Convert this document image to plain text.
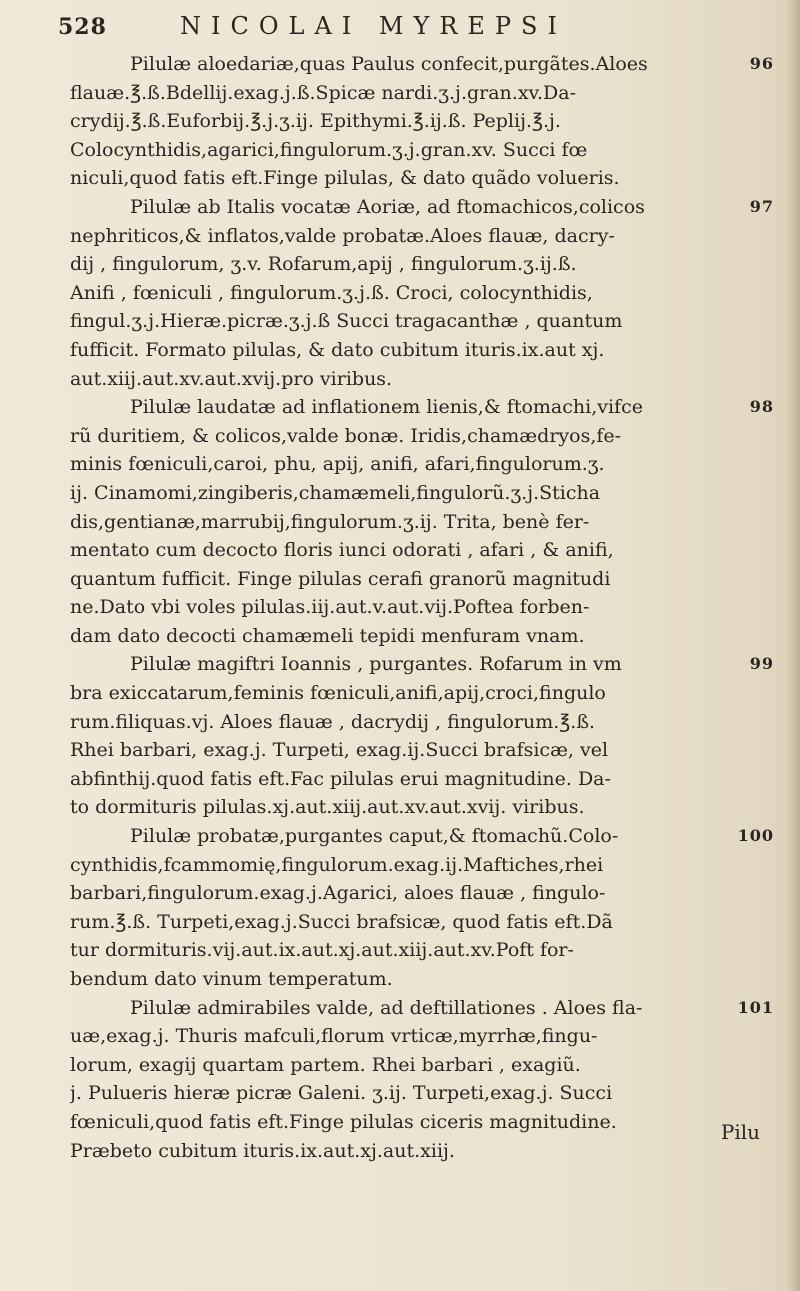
528	NICOLAI MYREPSI

96
Pilulæ aloedariæ,quas Paulus confecit,purgãtes.Aloes
flauæ.℥.ß.Bdellij.exag.j.ß.Spicæ nardi.ʒ.j.gran.xv.Da-
crydij.℥.ß.Euforbij.℥.j.ʒ.ij. Epithymi.℥.ij.ß. Peplij.℥.j.
Colocynthidis,agarici,fingulorum.ʒ.j.gran.xv. Succi fœ
niculi,quod fatis eft.Finge pilulas, & dato quãdo volueris.

97
Pilulæ ab Italis vocatæ Aoriæ, ad ftomachicos,colicos
nephriticos,& inflatos,valde probatæ.Aloes flauæ, dacry-
dij , fingulorum, ʒ.v. Rofarum,apij , fingulorum.ʒ.ij.ß.
Anifi , fœniculi , fingulorum.ʒ.j.ß. Croci, colocynthidis,
fingul.ʒ.j.Hieræ.picræ.ʒ.j.ß Succi tragacanthæ , quantum
fufficit. Formato pilulas, & dato cubitum ituris.ix.aut xj.
aut.xiij.aut.xv.aut.xvij.pro viribus.

98
Pilulæ laudatæ ad inflationem lienis,& ftomachi,vifce
rũ duritiem, & colicos,valde bonæ. Iridis,chamædryos,fe-
minis fœniculi,caroi, phu, apij, anifi, afari,fingulorum.ʒ.
ij. Cinamomi,zingiberis,chamæmeli,fingulorũ.ʒ.j.Sticha
dis,gentianæ,marrubij,fingulorum.ʒ.ij. Trita, benè fer-
mentato cum decocto floris iunci odorati , afari , & anifi,
quantum fufficit. Finge pilulas cerafi granorũ magnitudi
ne.Dato vbi voles pilulas.iij.aut.v.aut.vij.Poftea forben-
dam dato decocti chamæmeli tepidi menfuram vnam.

99
Pilulæ magiftri Ioannis , purgantes. Rofarum in vm
bra exiccatarum,feminis fœniculi,anifi,apij,croci,fingulo
rum.filiquas.vj. Aloes flauæ , dacrydij , fingulorum.℥.ß.
Rhei barbari, exag.j. Turpeti, exag.ij.Succi brafsicæ, vel
abfinthij.quod fatis eft.Fac pilulas erui magnitudine. Da-
to dormituris pilulas.xj.aut.xiij.aut.xv.aut.xvij. viribus.

100
Pilulæ probatæ,purgantes caput,& ftomachũ.Colo-
cynthidis,fcammomię,fingulorum.exag.ij.Maftiches,rhei
barbari,fingulorum.exag.j.Agarici, aloes flauæ , fingulo-
rum.℥.ß. Turpeti,exag.j.Succi brafsicæ, quod fatis eft.Dã
tur dormituris.vij.aut.ix.aut.xj.aut.xiij.aut.xv.Poft for-
bendum dato vinum temperatum.

101
Pilulæ admirabiles valde, ad deftillationes . Aloes fla-
uæ,exag.j. Thuris mafculi,florum vrticæ,myrrhæ,fingu-
lorum, exagij quartam partem. Rhei barbari , exagiũ.
j. Pulueris hieræ picræ Galeni. ʒ.ij. Turpeti,exag.j. Succi
fœniculi,quod fatis eft.Finge pilulas ciceris magnitudine.
Præbeto cubitum ituris.ix.aut.xj.aut.xiij.

Pilu
